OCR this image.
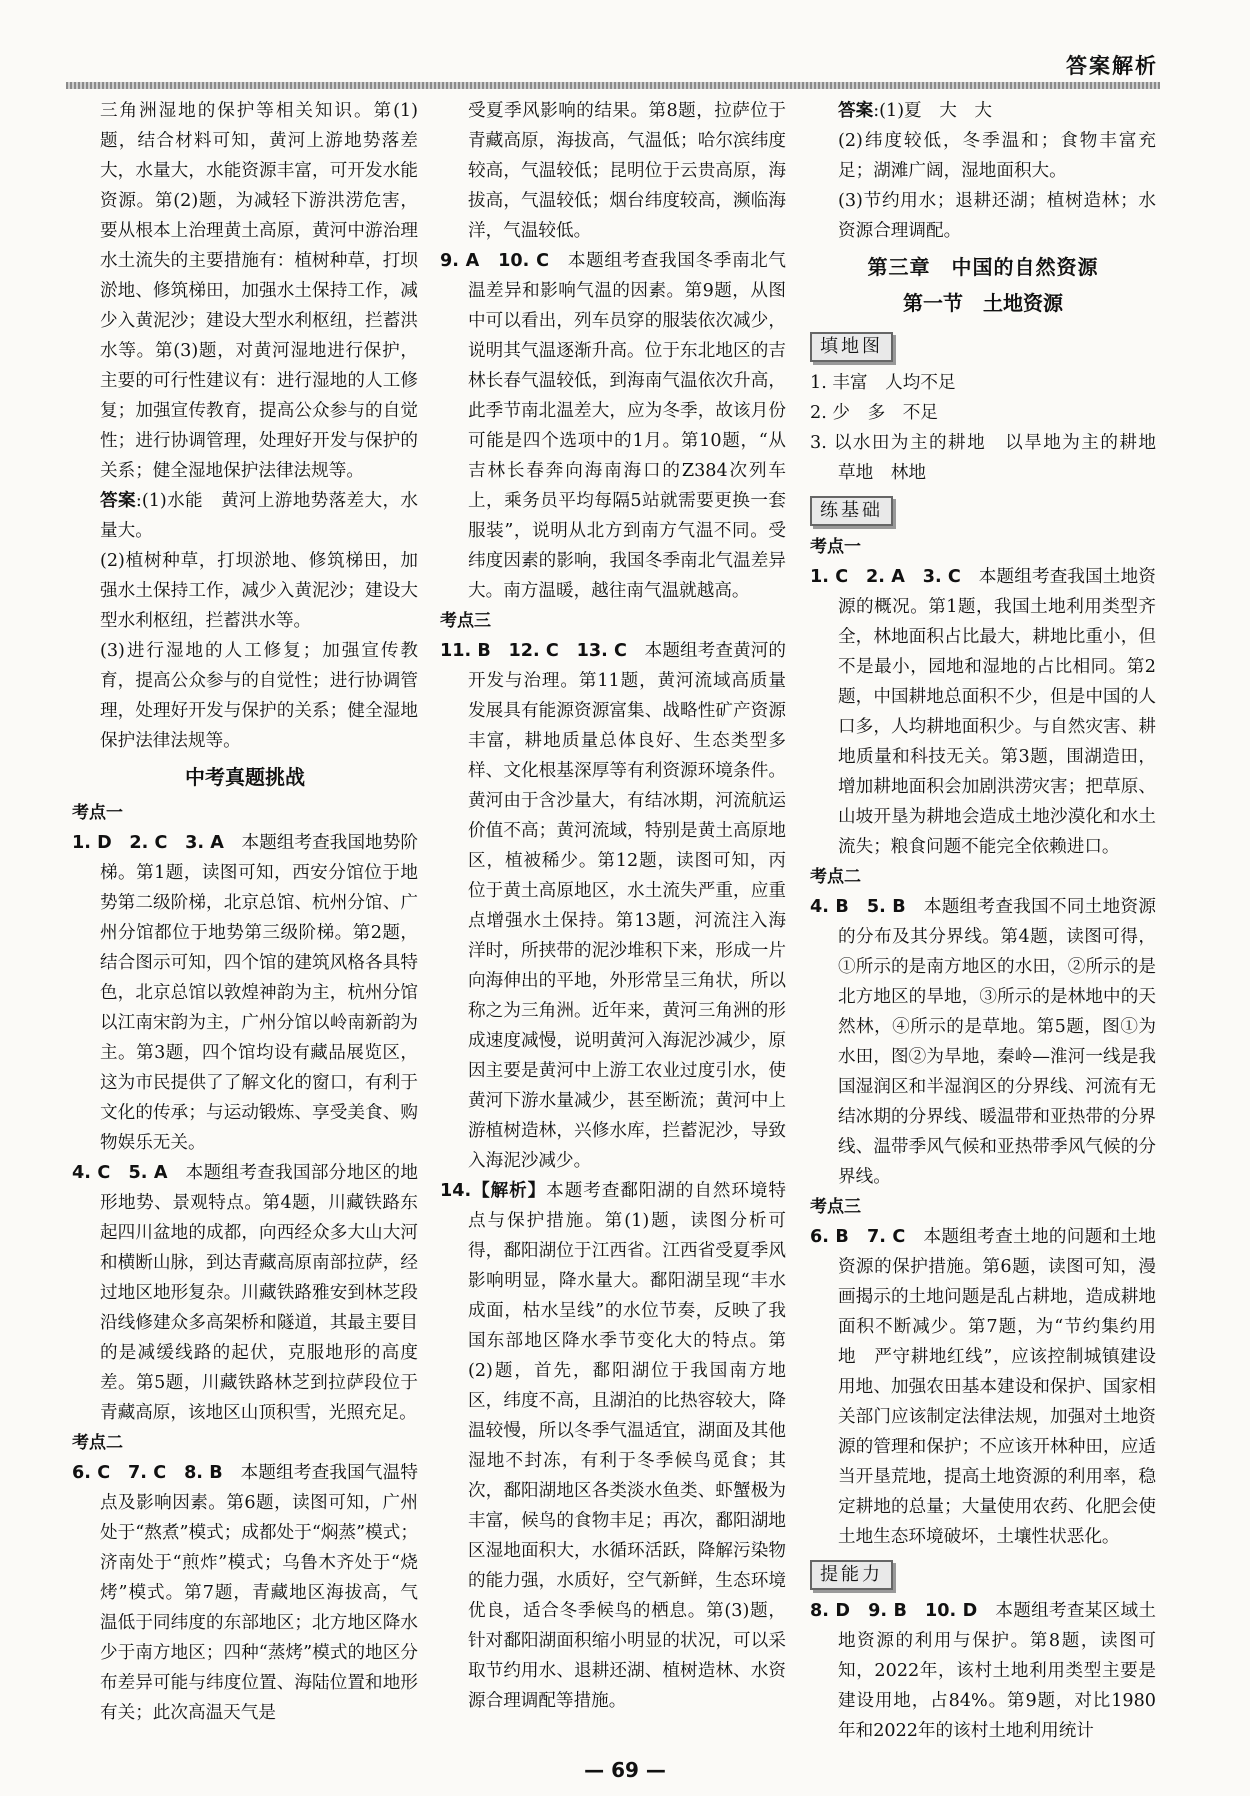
答案解析

三角洲湿地的保护等相关知识。第(1)题，结合材料可知，黄河上游地势落差大，水量大，水能资源丰富，可开发水能资源。第(2)题，为减轻下游洪涝危害，要从根本上治理黄土高原，黄河中游治理水土流失的主要措施有：植树种草，打坝淤地、修筑梯田，加强水土保持工作，减少入黄泥沙；建设大型水利枢纽，拦蓄洪水等。第(3)题，对黄河湿地进行保护，主要的可行性建议有：进行湿地的人工修复；加强宣传教育，提高公众参与的自觉性；进行协调管理，处理好开发与保护的关系；健全湿地保护法律法规等。

答案:(1)水能　黄河上游地势落差大，水量大。

(2)植树种草，打坝淤地、修筑梯田，加强水土保持工作，减少入黄泥沙；建设大型水利枢纽，拦蓄洪水等。

(3)进行湿地的人工修复；加强宣传教育，提高公众参与的自觉性；进行协调管理，处理好开发与保护的关系；健全湿地保护法律法规等。

中考真题挑战

考点一

1. D　2. C　3. A　本题组考查我国地势阶梯。第1题，读图可知，西安分馆位于地势第二级阶梯，北京总馆、杭州分馆、广州分馆都位于地势第三级阶梯。第2题，结合图示可知，四个馆的建筑风格各具特色，北京总馆以敦煌神韵为主，杭州分馆以江南宋韵为主，广州分馆以岭南新韵为主。第3题，四个馆均设有藏品展览区，这为市民提供了了解文化的窗口，有利于文化的传承；与运动锻炼、享受美食、购物娱乐无关。

4. C　5. A　本题组考查我国部分地区的地形地势、景观特点。第4题，川藏铁路东起四川盆地的成都，向西经众多大山大河和横断山脉，到达青藏高原南部拉萨，经过地区地形复杂。川藏铁路雅安到林芝段沿线修建众多高架桥和隧道，其最主要目的是减缓线路的起伏，克服地形的高度差。第5题，川藏铁路林芝到拉萨段位于青藏高原，该地区山顶积雪，光照充足。

考点二

6. C　7. C　8. B　本题组考查我国气温特点及影响因素。第6题，读图可知，广州处于“熬煮”模式；成都处于“焖蒸”模式；济南处于“煎炸”模式；乌鲁木齐处于“烧烤”模式。第7题，青藏地区海拔高，气温低于同纬度的东部地区；北方地区降水少于南方地区；四种“蒸烤”模式的地区分布差异可能与纬度位置、海陆位置和地形有关；此次高温天气是

受夏季风影响的结果。第8题，拉萨位于青藏高原，海拔高，气温低；哈尔滨纬度较高，气温较低；昆明位于云贵高原，海拔高，气温较低；烟台纬度较高，濒临海洋，气温较低。

9. A　10. C　本题组考查我国冬季南北气温差异和影响气温的因素。第9题，从图中可以看出，列车员穿的服装依次减少，说明其气温逐渐升高。位于东北地区的吉林长春气温较低，到海南气温依次升高，此季节南北温差大，应为冬季，故该月份可能是四个选项中的1月。第10题，“从吉林长春奔向海南海口的Z384次列车上，乘务员平均每隔5站就需要更换一套服装”，说明从北方到南方气温不同。受纬度因素的影响，我国冬季南北气温差异大。南方温暖，越往南气温就越高。

考点三

11. B　12. C　13. C　本题组考查黄河的开发与治理。第11题，黄河流域高质量发展具有能源资源富集、战略性矿产资源丰富，耕地质量总体良好、生态类型多样、文化根基深厚等有利资源环境条件。黄河由于含沙量大，有结冰期，河流航运价值不高；黄河流域，特别是黄土高原地区，植被稀少。第12题，读图可知，丙位于黄土高原地区，水土流失严重，应重点增强水土保持。第13题，河流注入海洋时，所挟带的泥沙堆积下来，形成一片向海伸出的平地，外形常呈三角状，所以称之为三角洲。近年来，黄河三角洲的形成速度减慢，说明黄河入海泥沙减少，原因主要是黄河中上游工农业过度引水，使黄河下游水量减少，甚至断流；黄河中上游植树造林，兴修水库，拦蓄泥沙，导致入海泥沙减少。

14.【解析】本题考查鄱阳湖的自然环境特点与保护措施。第(1)题，读图分析可得，鄱阳湖位于江西省。江西省受夏季风影响明显，降水量大。鄱阳湖呈现“丰水成面，枯水呈线”的水位节奏，反映了我国东部地区降水季节变化大的特点。第(2)题，首先，鄱阳湖位于我国南方地区，纬度不高，且湖泊的比热容较大，降温较慢，所以冬季气温适宜，湖面及其他湿地不封冻，有利于冬季候鸟觅食；其次，鄱阳湖地区各类淡水鱼类、虾蟹极为丰富，候鸟的食物丰足；再次，鄱阳湖地区湿地面积大，水循环活跃，降解污染物的能力强，水质好，空气新鲜，生态环境优良，适合冬季候鸟的栖息。第(3)题，针对鄱阳湖面积缩小明显的状况，可以采取节约用水、退耕还湖、植树造林、水资源合理调配等措施。

答案:(1)夏　大　大

(2)纬度较低，冬季温和；食物丰富充足；湖滩广阔，湿地面积大。

(3)节约用水；退耕还湖；植树造林；水资源合理调配。

第三章　中国的自然资源
第一节　土地资源
填地图

1. 丰富　人均不足

2. 少　多　不足

3. 以水田为主的耕地　以旱地为主的耕地　草地　林地

练基础

考点一

1. C　2. A　3. C　本题组考查我国土地资源的概况。第1题，我国土地利用类型齐全，林地面积占比最大，耕地比重小，但不是最小，园地和湿地的占比相同。第2题，中国耕地总面积不少，但是中国的人口多，人均耕地面积少。与自然灾害、耕地质量和科技无关。第3题，围湖造田，增加耕地面积会加剧洪涝灾害；把草原、山坡开垦为耕地会造成土地沙漠化和水土流失；粮食问题不能完全依赖进口。

考点二

4. B　5. B　本题组考查我国不同土地资源的分布及其分界线。第4题，读图可得，①所示的是南方地区的水田，②所示的是北方地区的旱地，③所示的是林地中的天然林，④所示的是草地。第5题，图①为水田，图②为旱地，秦岭—淮河一线是我国湿润区和半湿润区的分界线、河流有无结冰期的分界线、暖温带和亚热带的分界线、温带季风气候和亚热带季风气候的分界线。

考点三

6. B　7. C　本题组考查土地的问题和土地资源的保护措施。第6题，读图可知，漫画揭示的土地问题是乱占耕地，造成耕地面积不断减少。第7题，为“节约集约用地　严守耕地红线”，应该控制城镇建设用地、加强农田基本建设和保护、国家相关部门应该制定法律法规，加强对土地资源的管理和保护；不应该开林种田，应适当开垦荒地，提高土地资源的利用率，稳定耕地的总量；大量使用农药、化肥会使土地生态环境破坏，土壤性状恶化。

提能力

8. D　9. B　10. D　本题组考查某区域土地资源的利用与保护。第8题，读图可知，2022年，该村土地利用类型主要是建设用地，占84%。第9题，对比1980年和2022年的该村土地利用统计

— 69 —
